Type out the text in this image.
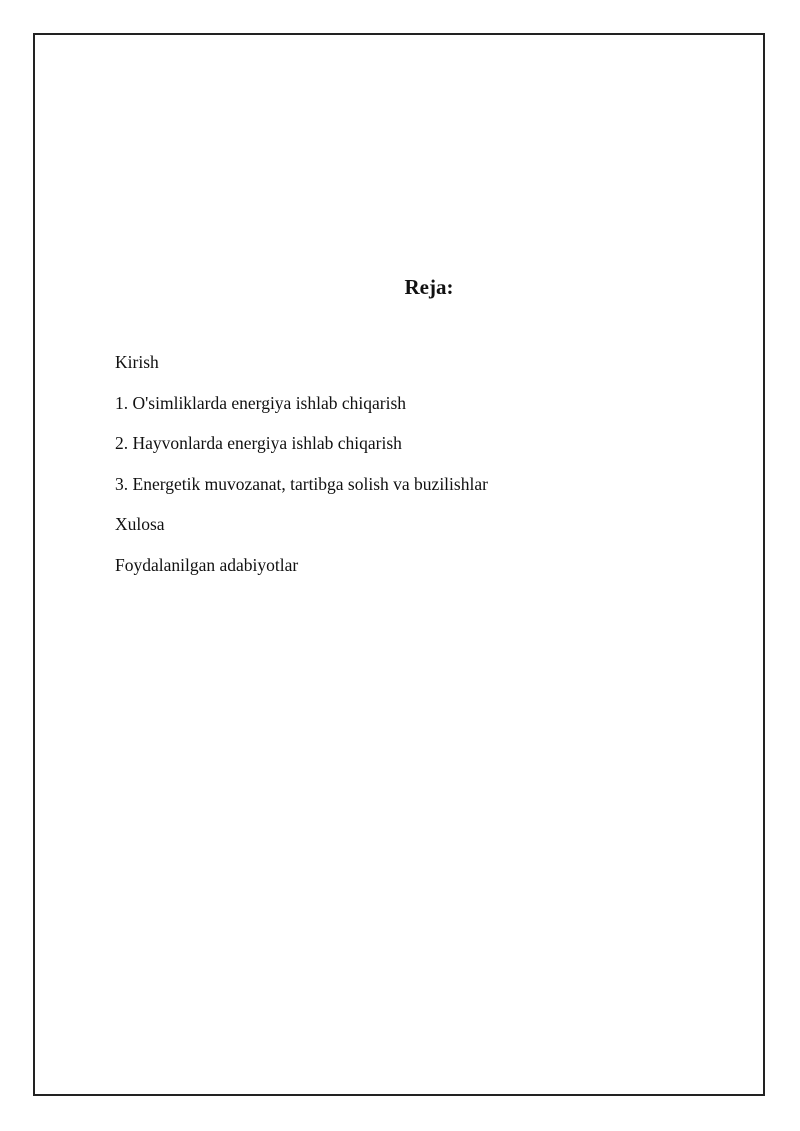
Reja:
Kirish
1. O'simliklarda energiya ishlab chiqarish
2. Hayvonlarda energiya ishlab chiqarish
3. Energetik muvozanat, tartibga solish va buzilishlar
Xulosa
Foydalanilgan adabiyotlar
